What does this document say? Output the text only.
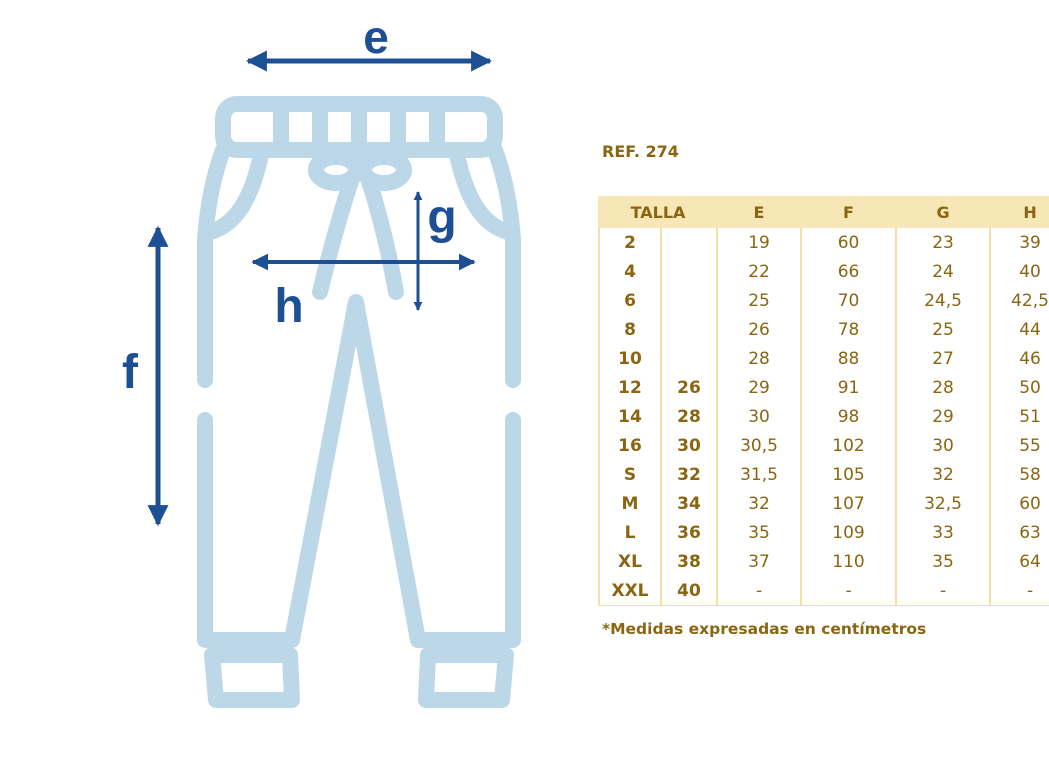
e
f
g
h

REF. 274

TALLA		E	F	G	H
2		19	60	23	39
4		22	66	24	40
6		25	70	24,5	42,5
8		26	78	25	44
10		28	88	27	46
12	26	29	91	28	50
14	28	30	98	29	51
16	30	30,5	102	30	55
S	32	31,5	105	32	58
M	34	32	107	32,5	60
L	36	35	109	33	63
XL	38	37	110	35	64
XXL	40	-	-	-	-

*Medidas expresadas en centímetros
